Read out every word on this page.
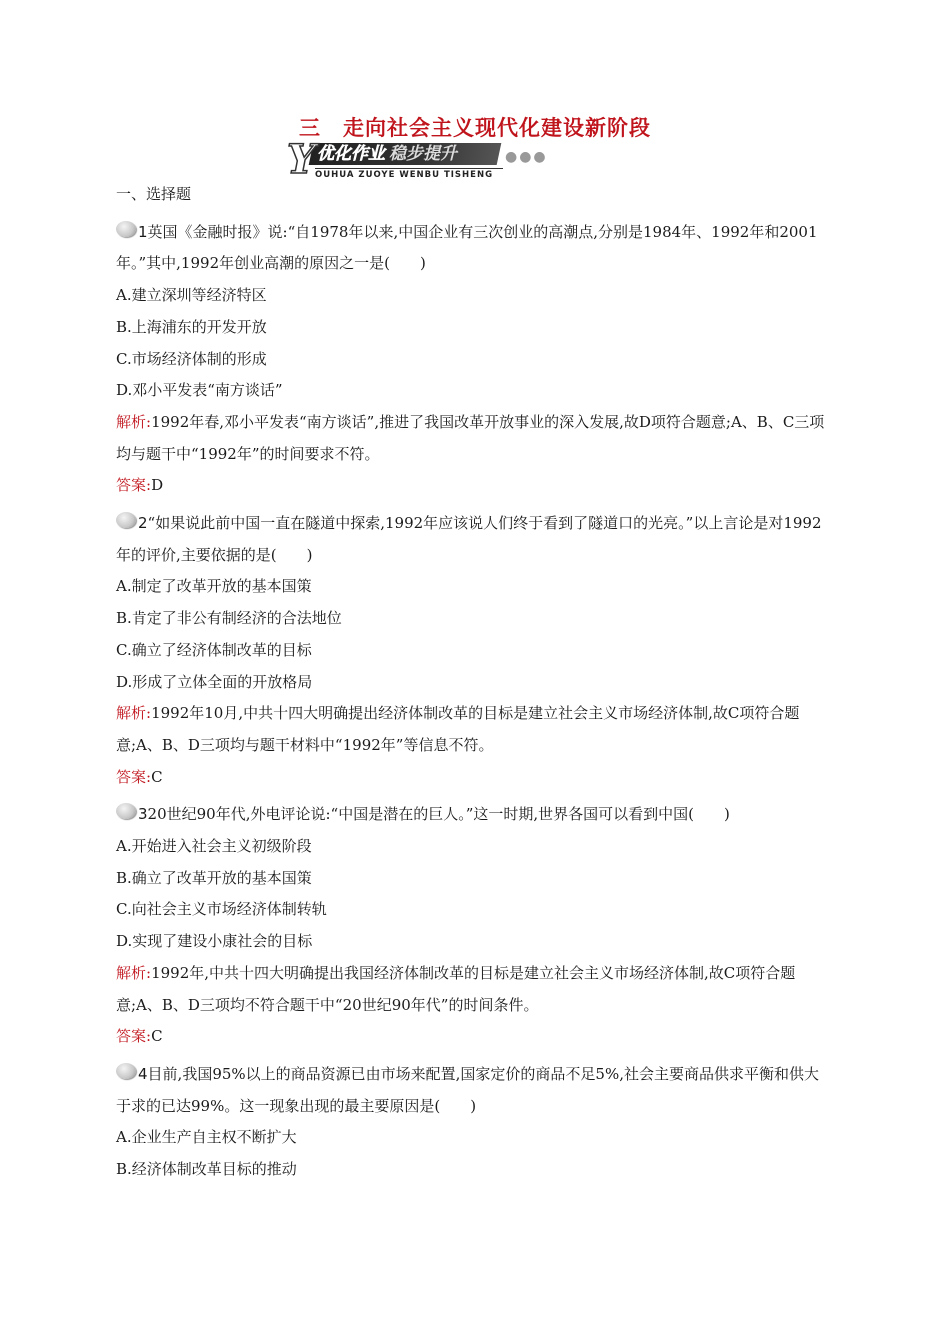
三 走向社会主义现代化建设新阶段
Y 优化作业 稳步提升	●●●
OUHUA ZUOYE WENBU TISHENG

一、选择题

1英国《金融时报》说:“自1978年以来,中国企业有三次创业的高潮点,分别是1984年、1992年和2001年。”其中,1992年创业高潮的原因之一是(　　)

A.建立深圳等经济特区

B.上海浦东的开发开放

C.市场经济体制的形成

D.邓小平发表“南方谈话”

解析:1992年春,邓小平发表“南方谈话”,推进了我国改革开放事业的深入发展,故D项符合题意;A、B、C三项均与题干中“1992年”的时间要求不符。

答案:D

2“如果说此前中国一直在隧道中探索,1992年应该说人们终于看到了隧道口的光亮。”以上言论是对1992年的评价,主要依据的是(　　)

A.制定了改革开放的基本国策

B.肯定了非公有制经济的合法地位

C.确立了经济体制改革的目标

D.形成了立体全面的开放格局

解析:1992年10月,中共十四大明确提出经济体制改革的目标是建立社会主义市场经济体制,故C项符合题意;A、B、D三项均与题干材料中“1992年”等信息不符。

答案:C

320世纪90年代,外电评论说:“中国是潜在的巨人。”这一时期,世界各国可以看到中国(　　)

A.开始进入社会主义初级阶段

B.确立了改革开放的基本国策

C.向社会主义市场经济体制转轨

D.实现了建设小康社会的目标

解析:1992年,中共十四大明确提出我国经济体制改革的目标是建立社会主义市场经济体制,故C项符合题意;A、B、D三项均不符合题干中“20世纪90年代”的时间条件。

答案:C

4目前,我国95%以上的商品资源已由市场来配置,国家定价的商品不足5%,社会主要商品供求平衡和供大于求的已达99%。这一现象出现的最主要原因是(　　)

A.企业生产自主权不断扩大

B.经济体制改革目标的推动
